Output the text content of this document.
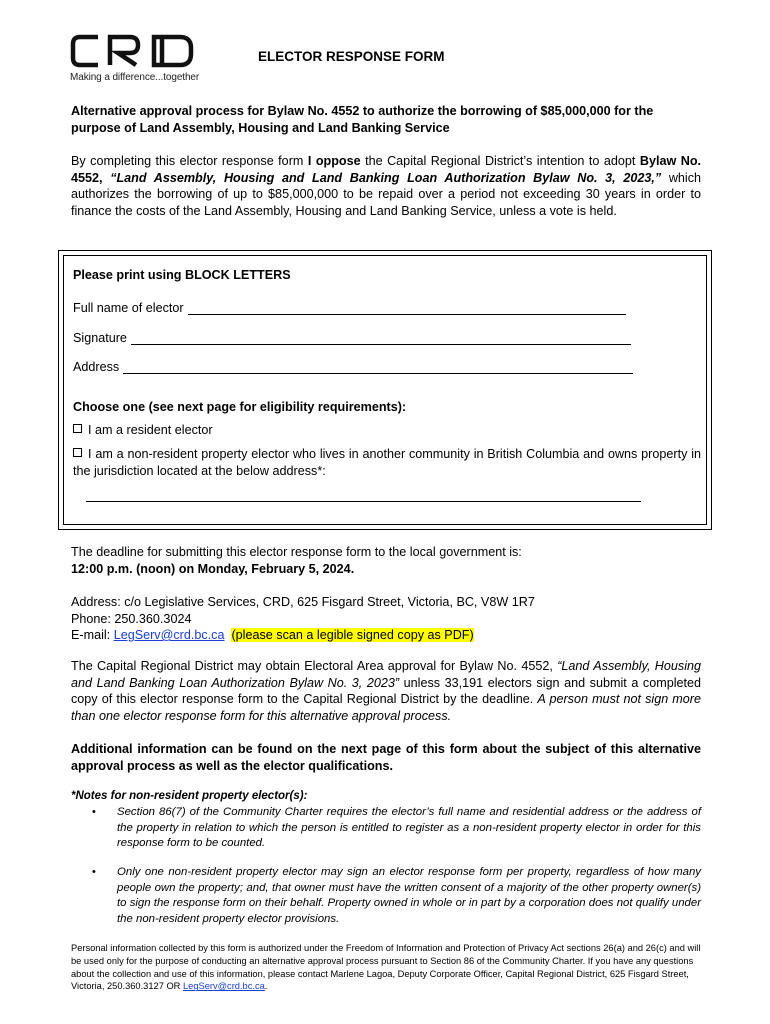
Making a difference...together
ELECTOR RESPONSE FORM
Alternative approval process for Bylaw No. 4552 to authorize the borrowing of $85,000,000 for the purpose of Land Assembly, Housing and Land Banking Service
By completing this elector response form I oppose the Capital Regional District’s intention to adopt Bylaw No. 4552, “Land Assembly, Housing and Land Banking Loan Authorization Bylaw No. 3, 2023,” which authorizes the borrowing of up to $85,000,000 to be repaid over a period not exceeding 30 years in order to finance the costs of the Land Assembly, Housing and Land Banking Service, unless a vote is held.
Please print using BLOCK LETTERS
Full name of elector
Signature
Address
Choose one (see next page for eligibility requirements):
I am a resident elector
I am a non-resident property elector who lives in another community in British Columbia and owns property in the jurisdiction located at the below address*:
The deadline for submitting this elector response form to the local government is:
12:00 p.m. (noon) on Monday, February 5, 2024.
Address: c/o Legislative Services, CRD, 625 Fisgard Street, Victoria, BC, V8W 1R7
Phone: 250.360.3024
E-mail: LegServ@crd.bc.ca (please scan a legible signed copy as PDF)
The Capital Regional District may obtain Electoral Area approval for Bylaw No. 4552, “Land Assembly, Housing and Land Banking Loan Authorization Bylaw No. 3, 2023” unless 33,191 electors sign and submit a completed copy of this elector response form to the Capital Regional District by the deadline. A person must not sign more than one elector response form for this alternative approval process.
Additional information can be found on the next page of this form about the subject of this alternative approval process as well as the elector qualifications.
*Notes for non-resident property elector(s):
• Section 86(7) of the Community Charter requires the elector’s full name and residential address or the address of the property in relation to which the person is entitled to register as a non-resident property elector in order for this response form to be counted.
• Only one non-resident property elector may sign an elector response form per property, regardless of how many people own the property; and, that owner must have the written consent of a majority of the other property owner(s) to sign the response form on their behalf. Property owned in whole or in part by a corporation does not qualify under the non-resident property elector provisions.
Personal information collected by this form is authorized under the Freedom of Information and Protection of Privacy Act sections 26(a) and 26(c) and will be used only for the purpose of conducting an alternative approval process pursuant to Section 86 of the Community Charter. If you have any questions about the collection and use of this information, please contact Marlene Lagoa, Deputy Corporate Officer, Capital Regional District, 625 Fisgard Street, Victoria, 250.360.3127 OR LegServ@crd.bc.ca.
